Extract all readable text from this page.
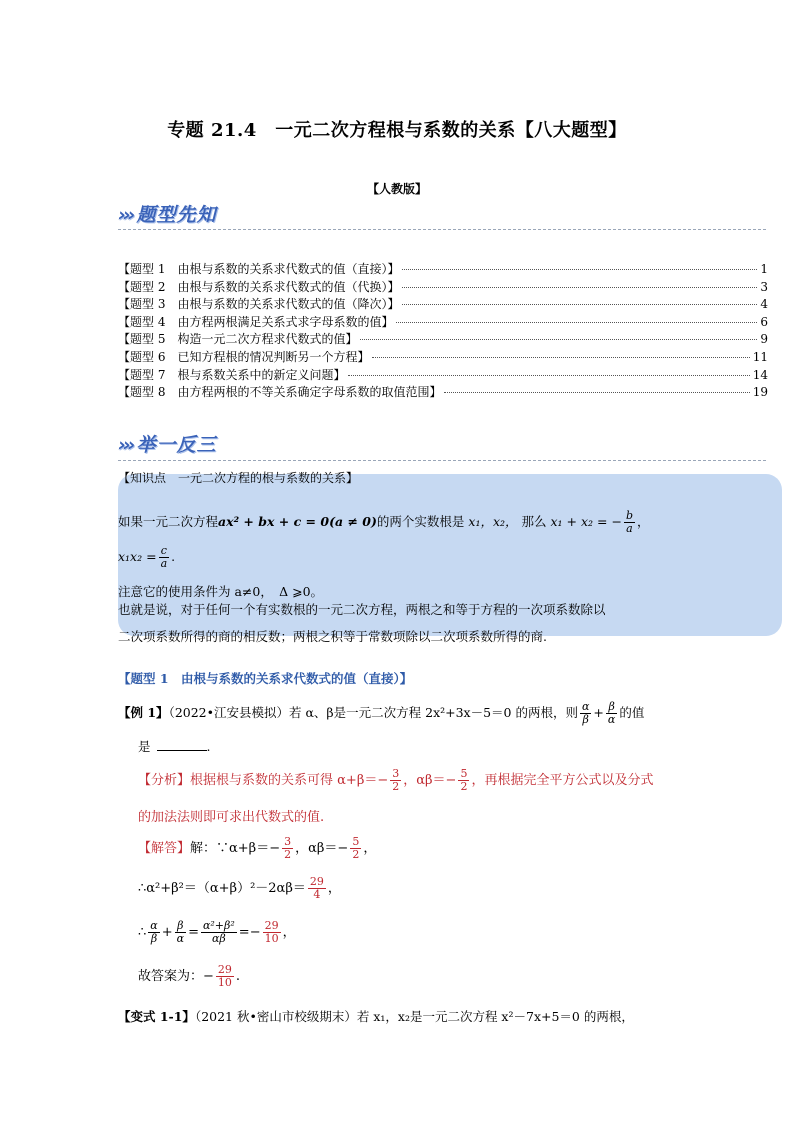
专题 21.4　一元二次方程根与系数的关系【八大题型】
【人教版】
››› 题型先知
【题型 1　由根与系数的关系求代数式的值（直接）】	1
【题型 2　由根与系数的关系求代数式的值（代换）】	3
【题型 3　由根与系数的关系求代数式的值（降次）】	4
【题型 4　由方程两根满足关系式求字母系数的值】	6
【题型 5　构造一元二次方程求代数式的值】	9
【题型 6　已知方程根的情况判断另一个方程】	11
【题型 7　根与系数关系中的新定义问题】	14
【题型 8　由方程两根的不等关系确定字母系数的取值范围】	19
››› 举一反三
【知识点　一元二次方程的根与系数的关系】
如果一元二次方程ax² + bx + c = 0(a ≠ 0)的两个实数根是 x₁，x₂， 那么 x₁ + x₂ = − $\frac{b}{a}$ ，
$x_1x_2 = \frac{c}{a}$ .
注意它的使用条件为 a≠0，　Δ ⩾0。
也就是说，对于任何一个有实数根的一元二次方程，两根之和等于方程的一次项系数除以
二次项系数所得的商的相反数；两根之积等于常数项除以二次项系数所得的商.
【题型 1　由根与系数的关系求代数式的值（直接）】
【例 1】（2022•江安县模拟）若 α、β是一元二次方程 2x²+3x－5＝0 的两根，则 $\frac{\alpha}{\beta} + \frac{\beta}{\alpha}$ 的值
是	.
【分析】根据根与系数的关系可得 $\alpha+\beta=- \frac{3}{2}$ ，$\alpha\beta=- \frac{5}{2}$ ，再根据完全平方公式以及分式
的加法法则即可求出代数式的值.
【解答】解：∵α+β＝− $\frac{3}{2}$ ，$\alpha\beta=- \frac{5}{2}$ ，
∴α²+β²＝（α+β）²－2αβ＝ $\frac{29}{4}$ ，
∴ $\frac{\alpha}{\beta} + \frac{\beta}{\alpha} = \frac{\text{α²+β²}}{\alpha\beta} =- \frac{29}{10}$ ，
故答案为：− $\frac{29}{10}$ .
【变式 1-1】（2021 秋•密山市校级期末）若 x₁，x₂是一元二次方程 x²－7x+5＝0 的两根，
